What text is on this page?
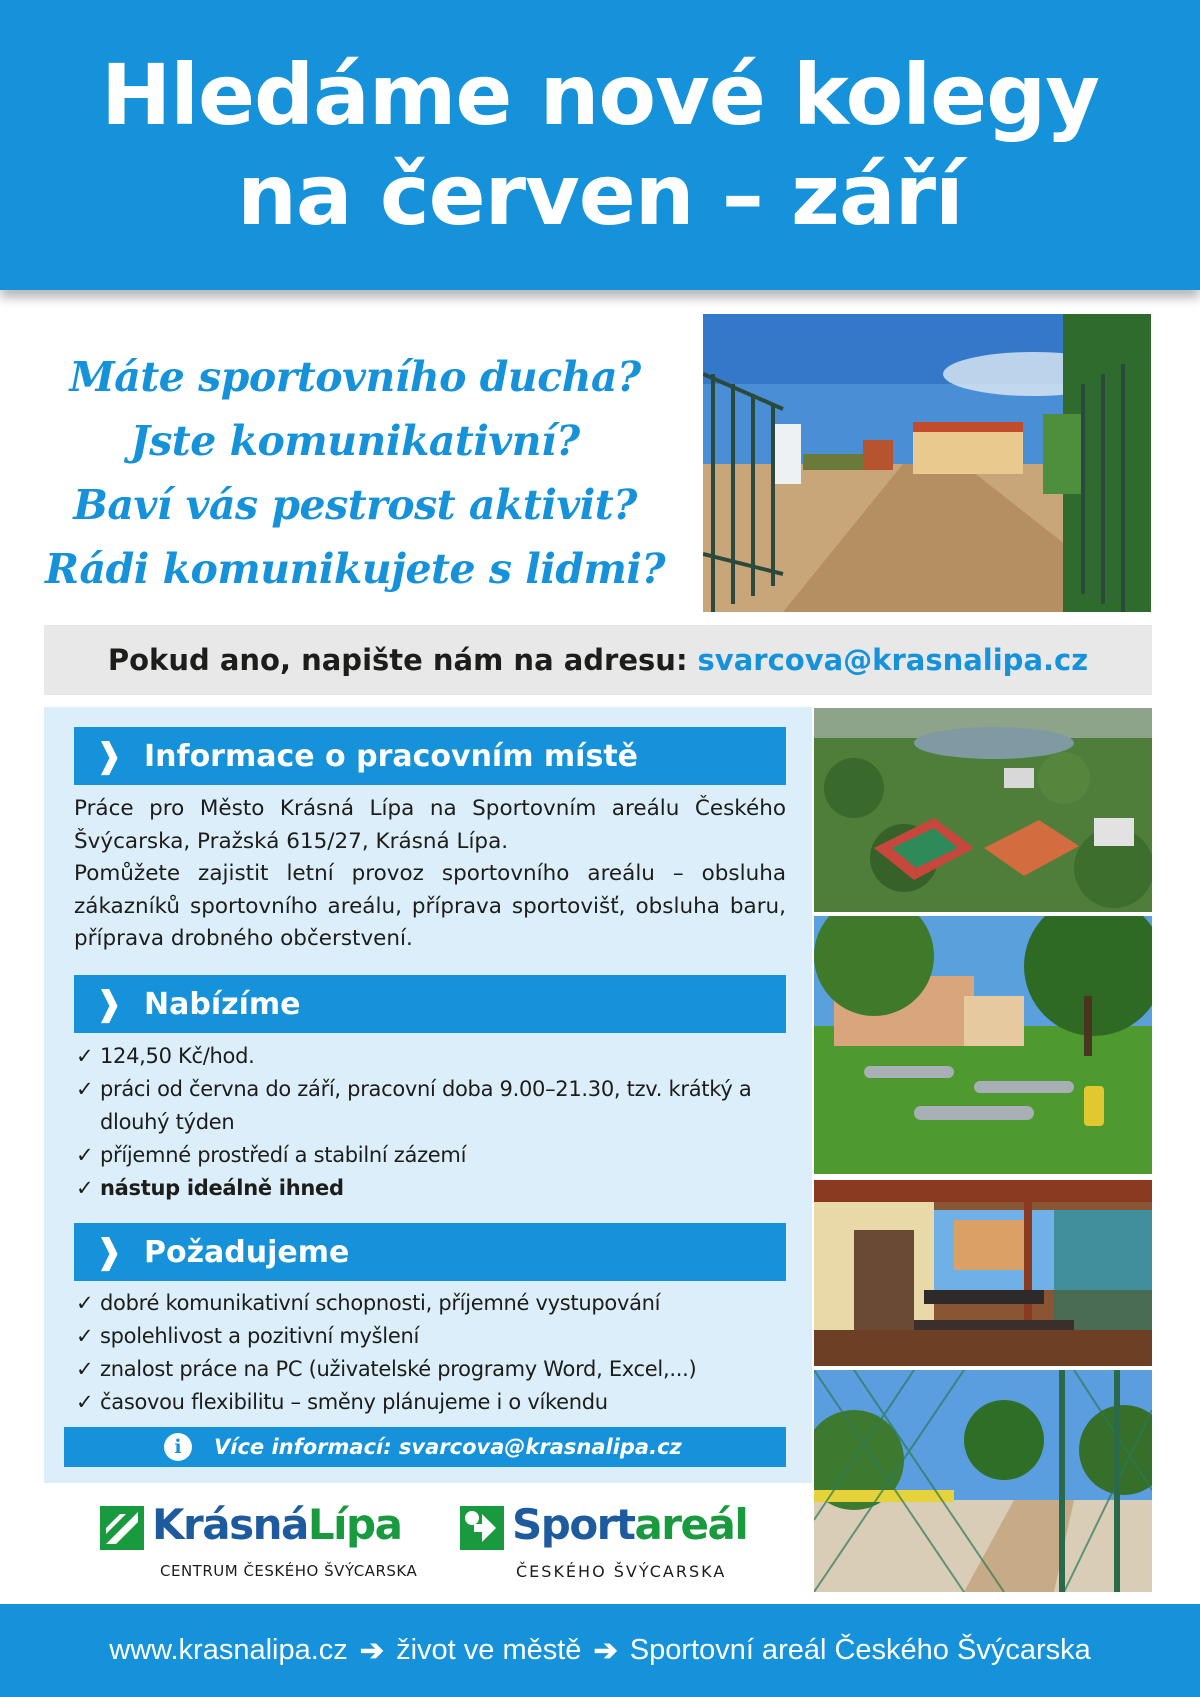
Hledáme nové kolegy
na červen – září

Máte sportovního ducha?

Jste komunikativní?

Baví vás pestrost aktivit?

Rádi komunikujete s lidmi?

Pokud ano, napište nám na adresu: svarcova@krasnalipa.cz
❱ Informace o pracovním místě

Práce pro Město Krásná Lípa na Sportovním areálu Českého Švýcarska, Pražská 615/27, Krásná Lípa.

Pomůžete zajistit letní provoz sportovního areálu – obsluha zákazníků sportovního areálu, příprava sportovišť, obsluha baru, příprava drobného občerstvení.

❱ Nabízíme
✓ 124,50 Kč/hod.
✓ práci od června do září, pracovní doba 9.00–21.30, tzv. krátký a dlouhý týden
✓ příjemné prostředí a stabilní zázemí
✓ nástup ideálně ihned
❱ Požadujeme
✓ dobré komunikativní schopnosti, příjemné vystupování
✓ spolehlivost a pozitivní myšlení
✓ znalost práce na PC (uživatelské programy Word, Excel,...)
✓ časovou flexibilitu – směny plánujeme i o víkendu
i	Více informací: svarcova@krasnalipa.cz
KrásnáLípa
CENTRUM ČESKÉHO ŠVÝCARSKA
Sportareál
ČESKÉHO ŠVÝCARSKA
www.krasnalipa.cz ➔ život ve městě ➔ Sportovní areál Českého Švýcarska
